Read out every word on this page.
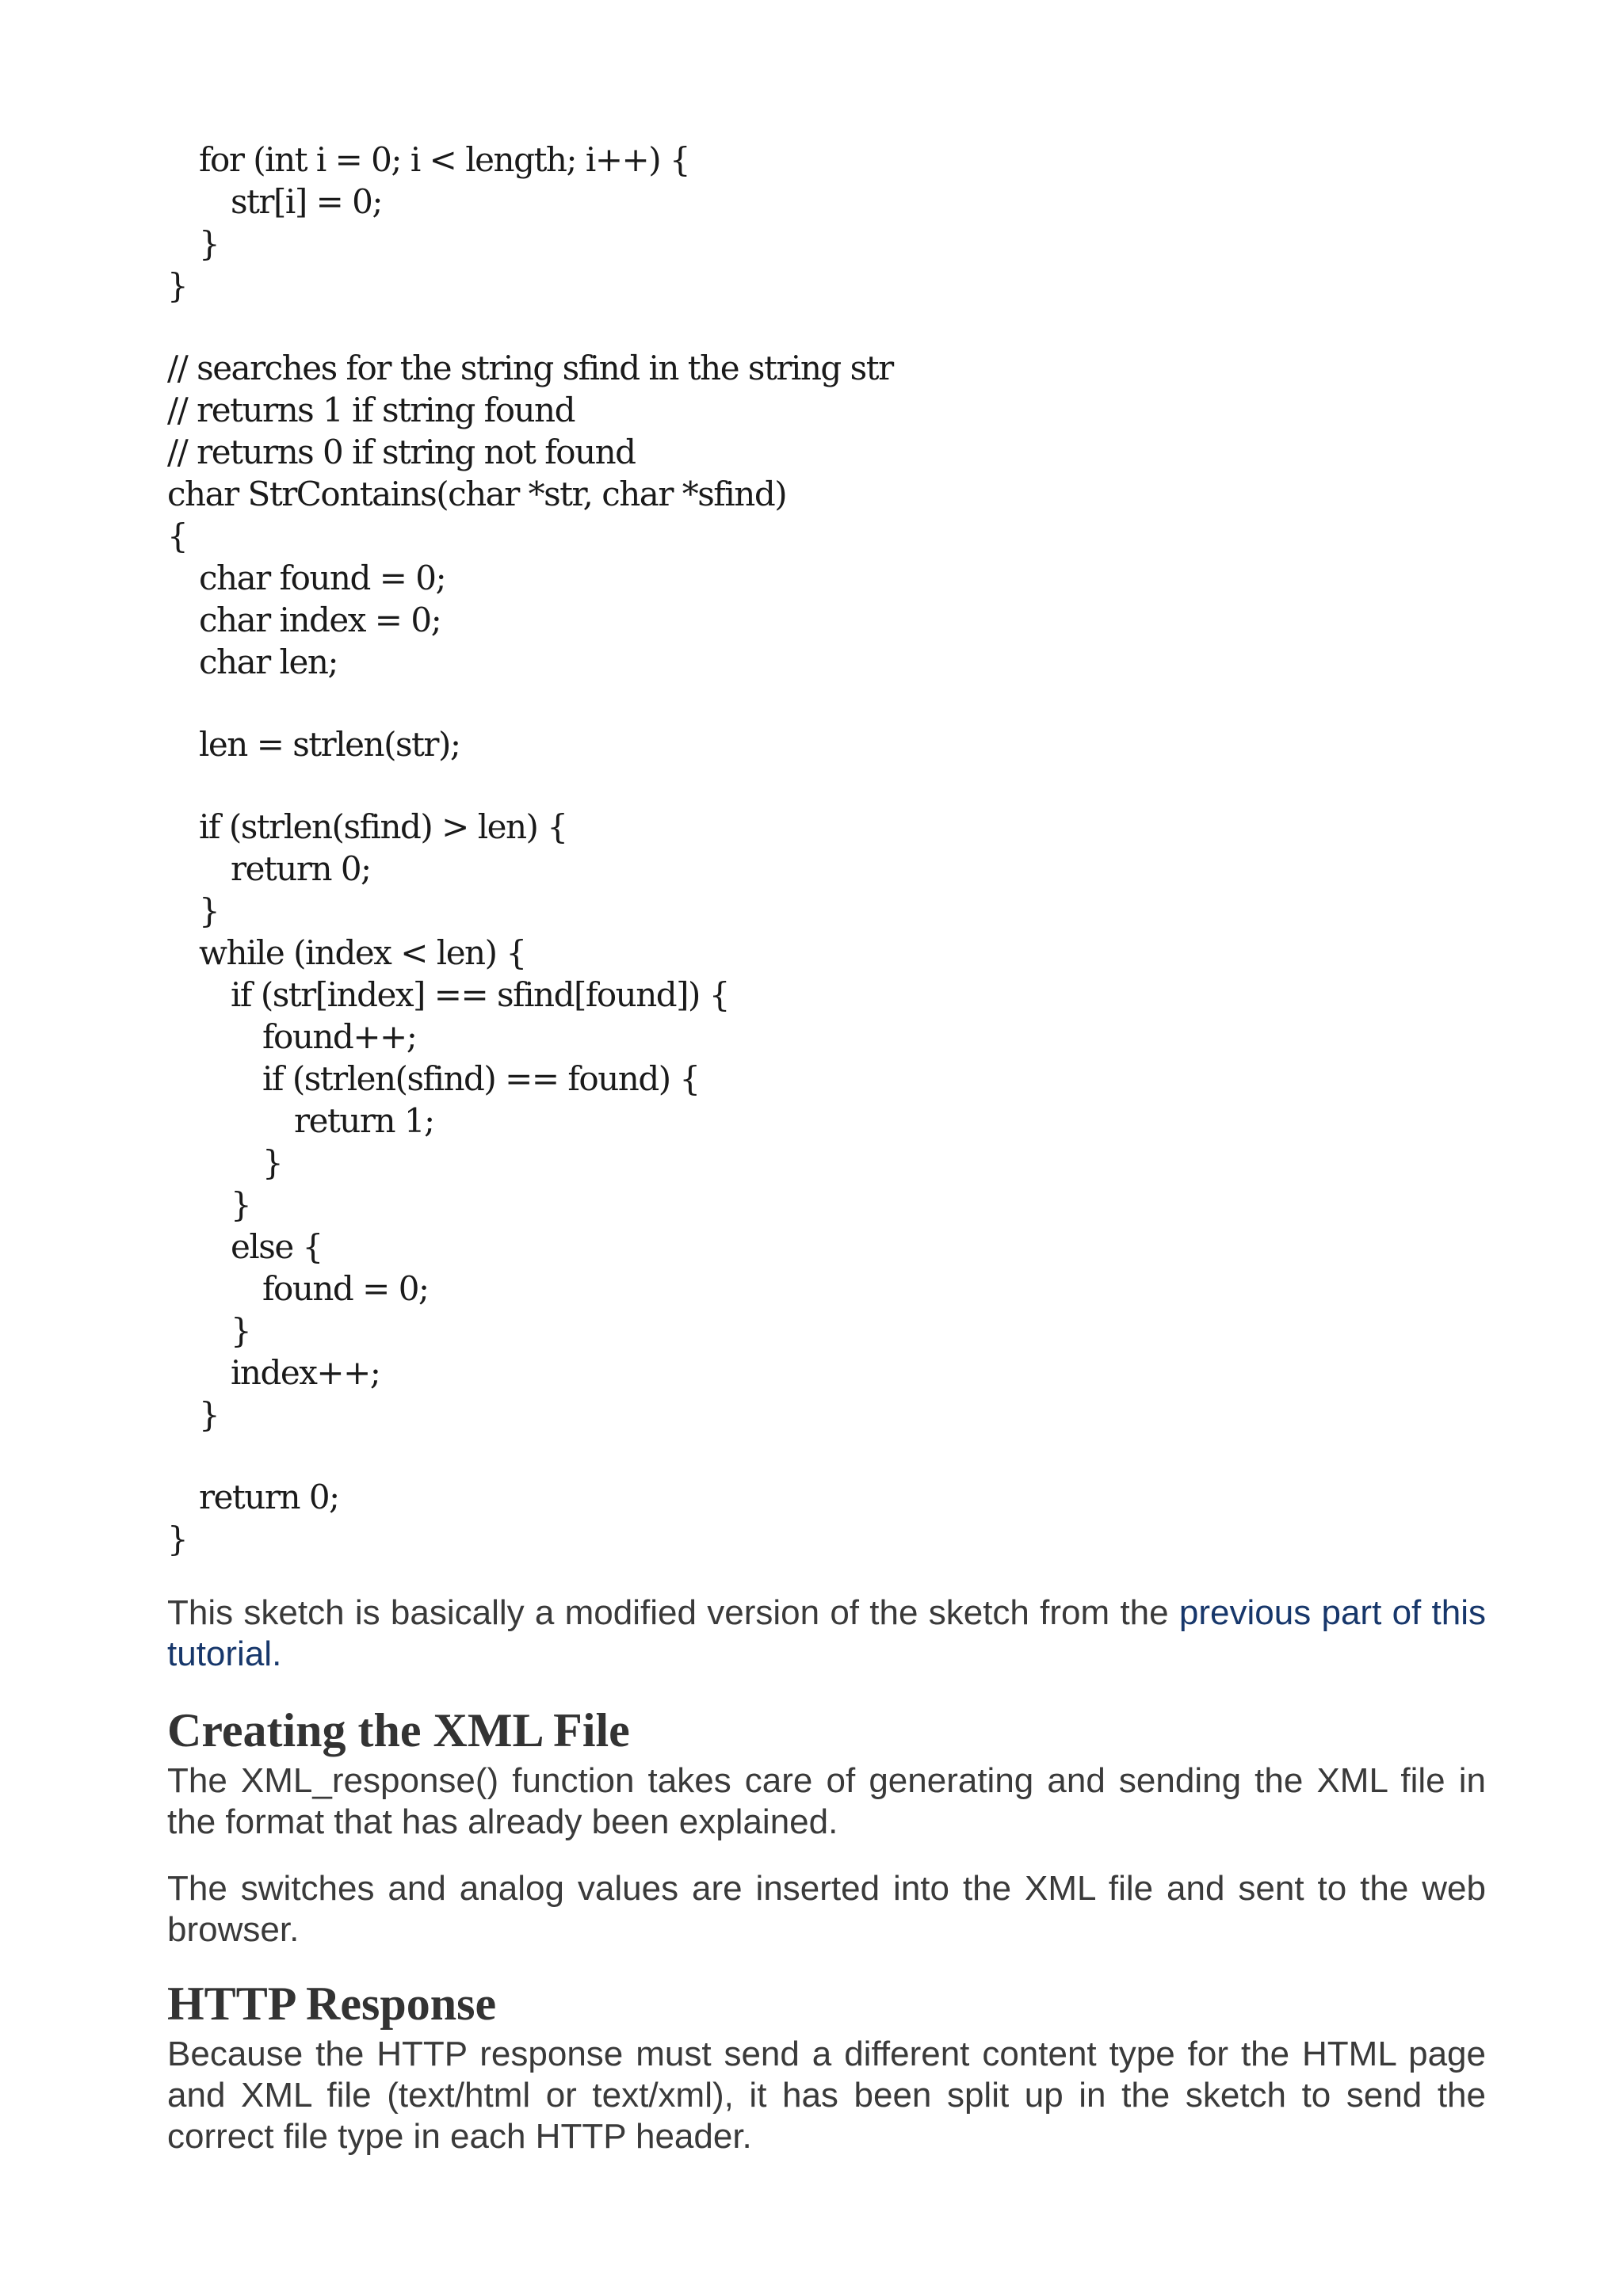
for (int i = 0; i < length; i++) {
str[i] = 0;
}
}
// searches for the string sfind in the string str
// returns 1 if string found
// returns 0 if string not found
char StrContains(char *str, char *sfind)
{
char found = 0;
char index = 0;
char len;
len = strlen(str);
if (strlen(sfind) > len) {
return 0;
}
while (index < len) {
if (str[index] == sfind[found]) {
found++;
if (strlen(sfind) == found) {
return 1;
}
}
else {
found = 0;
}
index++;
}
return 0;
}

This sketch is basically a modified version of the sketch from the previous part of this tutorial.

Creating the XML File

The XML_response() function takes care of generating and sending the XML file in the format that has already been explained.

The switches and analog values are inserted into the XML file and sent to the web browser.

HTTP Response

Because the HTTP response must send a different content type for the HTML page and XML file (text/html or text/xml), it has been split up in the sketch to send the correct file type in each HTTP header.
